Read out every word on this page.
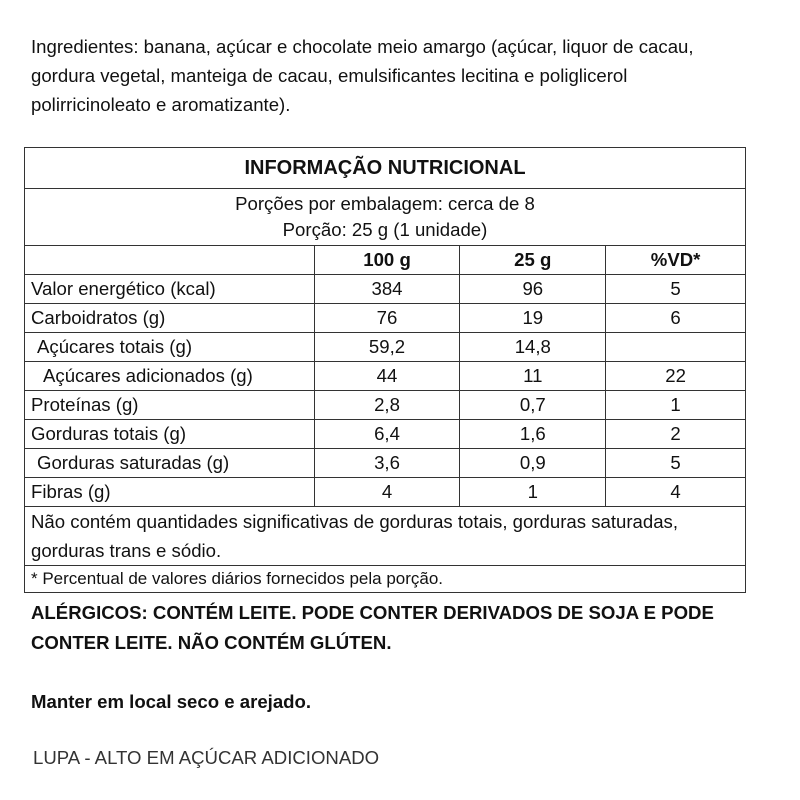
Ingredientes: banana, açúcar e chocolate meio amargo (açúcar, liquor de cacau, gordura vegetal, manteiga de cacau, emulsificantes lecitina e poliglicerol polirricinoleato e aromatizante).

INFORMAÇÃO NUTRICIONAL			

Porções por embalagem: cerca de 8
Porção: 25 g (1 unidade)			

	100 g	25 g	%VD*
Valor energético (kcal)	384	96	5
Carboidratos (g)	76	19	6
Açúcares totais (g)	59,2	14,8	
Açúcares adicionados (g)	44	11	22
Proteínas (g)	2,8	0,7	1
Gorduras totais (g)	6,4	1,6	2
Gorduras saturadas (g)	3,6	0,9	5
Fibras (g)	4	1	4
Não contém quantidades significativas de gorduras totais, gorduras saturadas, gorduras trans e sódio.			
* Percentual de valores diários fornecidos pela porção.			

ALÉRGICOS: CONTÉM LEITE. PODE CONTER DERIVADOS DE SOJA E PODE CONTER LEITE. NÃO CONTÉM GLÚTEN.

Manter em local seco e arejado.

LUPA - ALTO EM AÇÚCAR ADICIONADO
